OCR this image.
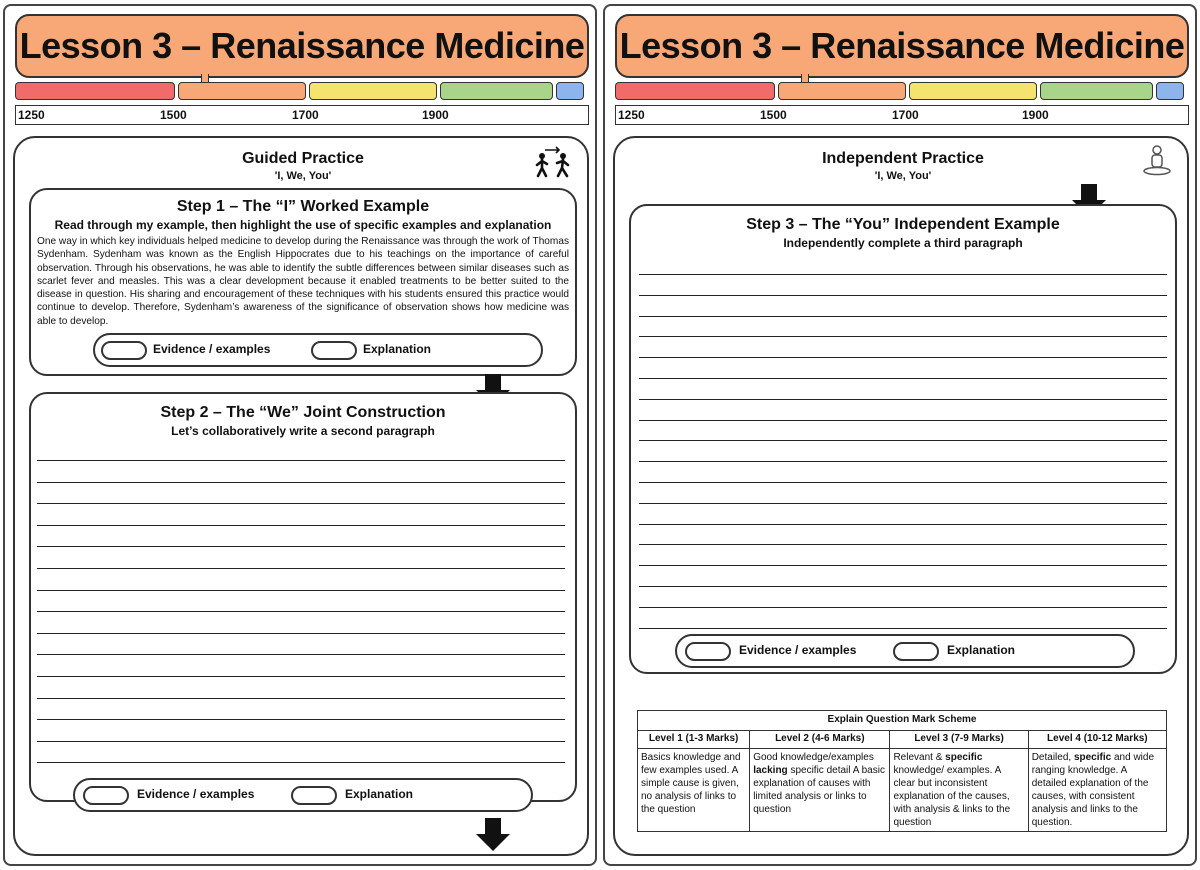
Lesson 3 – Renaissance Medicine
1250	1500	1700	1900
Guided Practice
'I, We, You'
Step 1 – The “I” Worked Example
Read through my example, then highlight the use of specific examples and explanation
One way in which key individuals helped medicine to develop during the Renaissance was through the work of Thomas Sydenham. Sydenham was known as the English Hippocrates due to his teachings on the importance of careful observation. Through his observations, he was able to identify the subtle differences between similar diseases such as scarlet fever and measles. This was a clear development because it enabled treatments to be better suited to the disease in question. His sharing and encouragement of these techniques with his students ensured this practice would continue to develop. Therefore, Sydenham’s awareness of the significance of observation shows how medicine was able to develop.
Evidence / examples	Explanation
Step 2 – The “We” Joint Construction
Let’s collaboratively write a second paragraph
Evidence / examples	Explanation
Lesson 3 – Renaissance Medicine
1250	1500	1700	1900
Independent Practice
'I, We, You'
Step 3 – The “You” Independent Example
Independently complete a third paragraph
Evidence / examples	Explanation
Explain Question Mark Scheme			
Level 1 (1-3 Marks)	Level 2 (4-6 Marks)	Level 3 (7-9 Marks)	Level 4 (10-12 Marks)
Basics knowledge and few examples used. A simple cause is given, no analysis of links to the question	Good knowledge/examples lacking specific detail A basic explanation of causes with limited analysis or links to question	Relevant & specific knowledge/ examples. A clear but inconsistent explanation of the causes, with analysis & links to the question	Detailed, specific and wide ranging knowledge. A detailed explanation of the causes, with consistent analysis and links to the question.
